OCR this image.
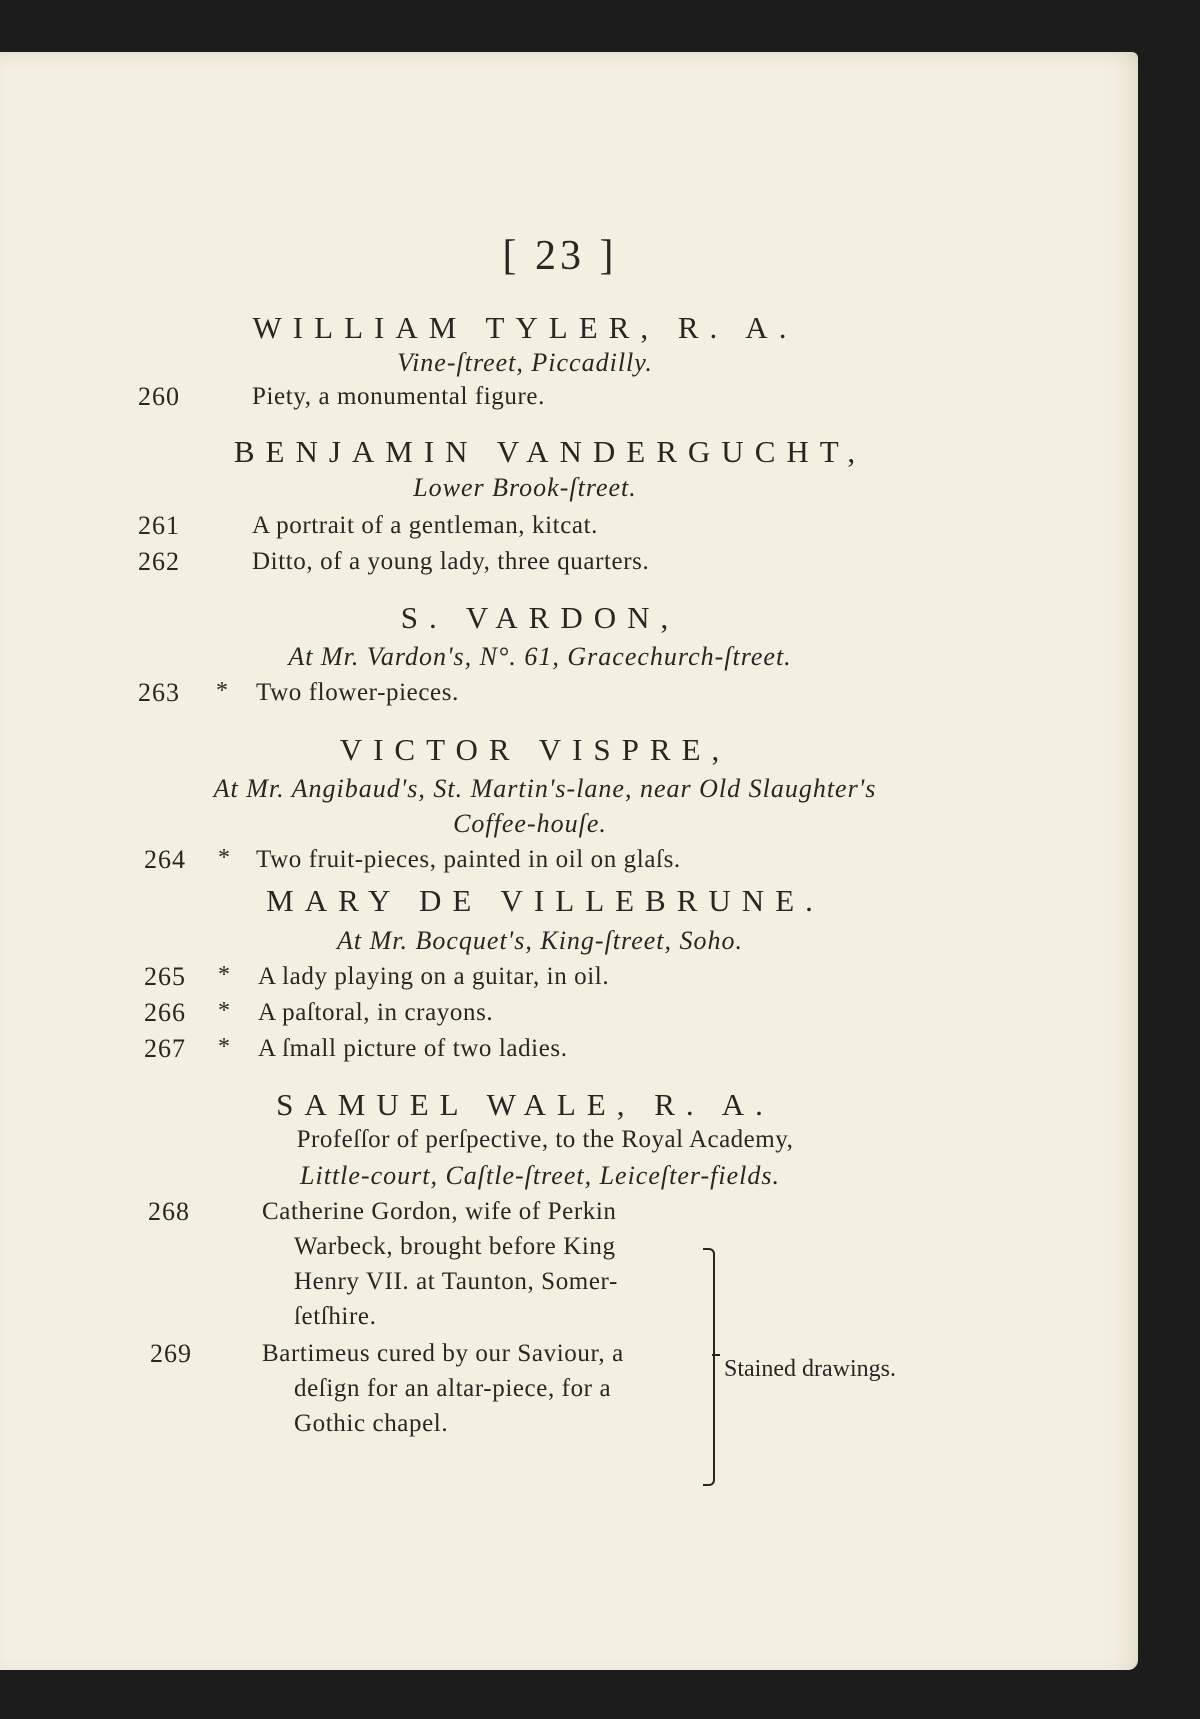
[ 23 ]
WILLIAM TYLER, R. A.
Vine-ſtreet, Piccadilly.
260	Piety, a monumental figure.
BENJAMIN VANDERGUCHT,
Lower Brook-ſtreet.
261	A portrait of a gentleman, kitcat.
262	Ditto, of a young lady, three quarters.
S. VARDON,
At Mr. Vardon's, N°. 61, Gracechurch-ſtreet.
263 * Two flower-pieces.
VICTOR VISPRE,
At Mr. Angibaud's, St. Martin's-lane, near Old Slaughter's
Coffee-houſe.
264 * Two fruit-pieces, painted in oil on glaſs.
MARY DE VILLEBRUNE.
At Mr. Bocquet's, King-ſtreet, Soho.
265 * A lady playing on a guitar, in oil.
266 * A paſtoral, in crayons.
267 * A ſmall picture of two ladies.
SAMUEL WALE, R. A.
Profeſſor of perſpective, to the Royal Academy,
Little-court, Caſtle-ſtreet, Leiceſter-fields.
268	Catherine Gordon, wife of Perkin
Warbeck, brought before King
Henry VII. at Taunton, Somer-
ſetſhire.
269	Bartimeus cured by our Saviour, a
deſign for an altar-piece, for a
Gothic chapel.
Stained drawings.
